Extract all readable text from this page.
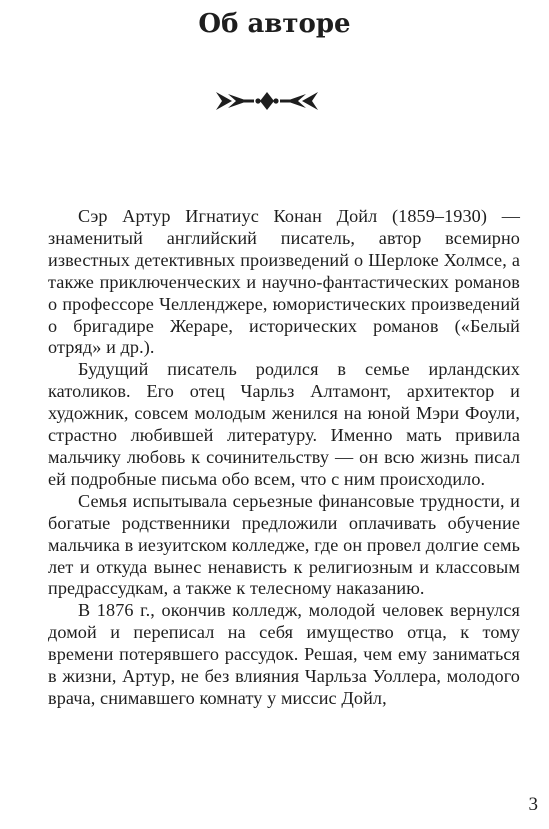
Об авторе

Сэр Артур Игнатиус Конан Дойл (1859–1930) — знаменитый английский писатель, автор всемирно известных детективных произведений о Шерлоке Холмсе, а также приключенческих и научно-фантастических романов о профессоре Челленджере, юмористических произведений о бригадире Жераре, исторических романов («Белый отряд» и др.).

Будущий писатель родился в семье ирландских католиков. Его отец Чарльз Алтамонт, архитектор и художник, совсем молодым женился на юной Мэри Фоули, страстно любившей литературу. Именно мать привила мальчику любовь к сочинительству — он всю жизнь писал ей подробные письма обо всем, что с ним происходило.

Семья испытывала серьезные финансовые трудности, и богатые родственники предложили оплачивать обучение мальчика в иезуитском колледже, где он провел долгие семь лет и откуда вынес ненависть к религиозным и классовым предрассудкам, а также к телесному наказанию.

В 1876 г., окончив колледж, молодой человек вернулся домой и переписал на себя имущество отца, к тому времени потерявшего рассудок. Решая, чем ему заниматься в жизни, Артур, не без влияния Чарльза Уоллера, молодого врача, снимавшего комнату у миссис Дойл,

3
